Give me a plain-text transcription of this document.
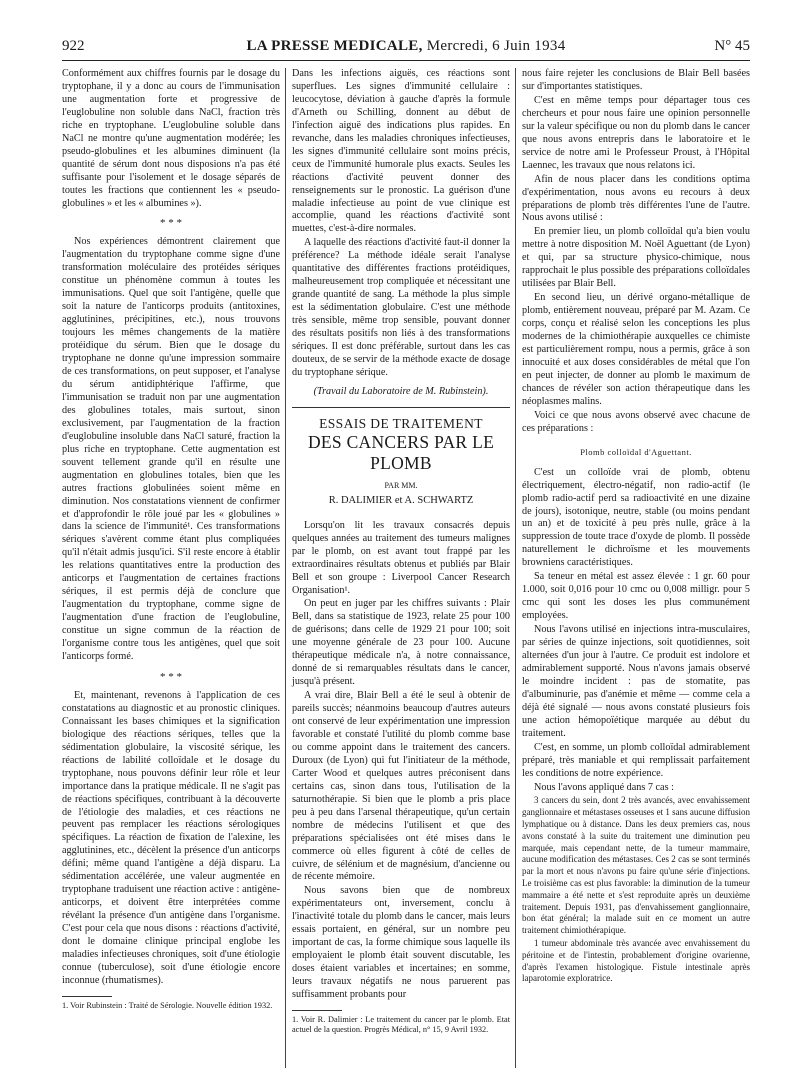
922	LA PRESSE MEDICALE, Mercredi, 6 Juin 1934	N° 45

Conformément aux chiffres fournis par le dosage du tryptophane, il y a donc au cours de l'immunisation une augmentation forte et progressive de l'euglobuline non soluble dans NaCl, fraction très riche en tryptophane. L'euglobuline soluble dans NaCl ne montre qu'une augmentation modérée; les pseudo-globulines et les albumines diminuent (la quantité de sérum dont nous disposions n'a pas été suffisante pour l'isolement et le dosage séparés de toutes les fractions que contiennent les « pseudo-globulines » et les « albumines »).

* * *

Nos expériences démontrent clairement que l'augmentation du tryptophane comme signe d'une transformation moléculaire des protéides sériques constitue un phénomène commun à toutes les immunisations. Quel que soit l'antigène, quelle que soit la nature de l'anticorps produits (antitoxines, agglutinines, précipitines, etc.), nous trouvons toujours les mêmes changements de la matière protéidique du sérum. Bien que le dosage du tryptophane ne donne qu'une impression sommaire de ces transformations, on peut supposer, et l'analyse du sérum antidiphtérique l'affirme, que l'immunisation se traduit non par une augmentation des globulines totales, mais surtout, sinon exclusivement, par l'augmentation de la fraction d'euglobuline insoluble dans NaCl saturé, fraction la plus riche en tryptophane. Cette augmentation est souvent tellement grande qu'il en résulte une augmentation en globulines totales, bien que les autres fractions globulinées soient même en diminution. Nos constatations viennent de confirmer et d'approfondir le rôle joué par les « globulines » dans la science de l'immunité¹. Ces transformations sériques s'avèrent comme étant plus compliquées qu'il n'était admis jusqu'ici. S'il reste encore à établir les relations quantitatives entre la production des anticorps et l'augmentation de certaines fractions sériques, il est permis déjà de conclure que l'augmentation du tryptophane, comme signe de l'augmentation d'une fraction de l'euglobuline, constitue un signe commun de la réaction de l'organisme contre tous les antigènes, quel que soit l'anticorps formé.

* * *

Et, maintenant, revenons à l'application de ces constatations au diagnostic et au pronostic cliniques. Connaissant les bases chimiques et la signification biologique des réactions sériques, telles que la sédimentation globulaire, la viscosité sérique, les réactions de labilité colloïdale et le dosage du tryptophane, nous pouvons définir leur rôle et leur importance dans la pratique médicale. Il ne s'agit pas de réactions spécifiques, contribuant à la découverte de l'étiologie des maladies, et ces réactions ne peuvent pas remplacer les réactions sérologiques spécifiques. La réaction de fixation de l'alexine, les agglutinines, etc., décèlent la présence d'un anticorps défini; même quand l'antigène a déjà disparu. La sédimentation accélérée, une valeur augmentée en tryptophane traduisent une réaction active : antigène-anticorps, et doivent être interprétées comme révélant la présence d'un antigène dans l'organisme. C'est pour cela que nous disons : réactions d'activité, dont le domaine clinique principal englobe les maladies infectieuses chroniques, soit d'une étiologie connue (tuberculose), soit d'une étiologie encore inconnue (rhumatismes).

1. Voir Rubinstein : Traité de Sérologie. Nouvelle édition 1932.

Dans les infections aiguës, ces réactions sont superflues. Les signes d'immunité cellulaire : leucocytose, déviation à gauche d'après la formule d'Arneth ou Schilling, donnent au début de l'infection aiguë des indications plus rapides. En revanche, dans les maladies chroniques infectieuses, les signes d'immunité cellulaire sont moins précis, ceux de l'immunité humorale plus exacts. Seules les réactions d'activité peuvent donner des renseignements sur le pronostic. La guérison d'une maladie infectieuse au point de vue clinique est accomplie, quand les réactions d'activité sont muettes, c'est-à-dire normales.

A laquelle des réactions d'activité faut-il donner la préférence? La méthode idéale serait l'analyse quantitative des différentes fractions protéidiques, malheureusement trop compliquée et nécessitant une grande quantité de sang. La méthode la plus simple est la sédimentation globulaire. C'est une méthode très sensible, même trop sensible, pouvant donner des résultats positifs non liés à des transformations sériques. Il est donc préférable, surtout dans les cas douteux, de se servir de la méthode exacte de dosage du tryptophane sérique.

(Travail du Laboratoire de M. Rubinstein).
ESSAIS DE TRAITEMENT
DES CANCERS PAR LE PLOMB
PAR MM.
R. DALIMIER et A. SCHWARTZ

Lorsqu'on lit les travaux consacrés depuis quelques années au traitement des tumeurs malignes par le plomb, on est avant tout frappé par les extraordinaires résultats obtenus et publiés par Blair Bell et son groupe : Liverpool Cancer Research Organisation¹.

On peut en juger par les chiffres suivants : Plair Bell, dans sa statistique de 1923, relate 25 pour 100 de guérisons; dans celle de 1929 21 pour 100; soit une moyenne générale de 23 pour 100. Aucune thérapeutique médicale n'a, à notre connaissance, donné de si remarquables résultats dans le cancer, jusqu'à présent.

A vrai dire, Blair Bell a été le seul à obtenir de pareils succès; néanmoins beaucoup d'autres auteurs ont conservé de leur expérimentation une impression favorable et constaté l'utilité du plomb comme base ou comme appoint dans le traitement des cancers. Duroux (de Lyon) qui fut l'initiateur de la méthode, Carter Wood et quelques autres préconisent dans certains cas, sinon dans tous, l'utilisation de la saturnothérapie. Si bien que le plomb a pris place peu à peu dans l'arsenal thérapeutique, qu'un certain nombre de médecins l'utilisent et que des préparations spécialisées ont été mises dans le commerce où elles figurent à côté de celles de cuivre, de sélénium et de magnésium, d'ancienne ou de récente mémoire.

Nous savons bien que de nombreux expérimentateurs ont, inversement, conclu à l'inactivité totale du plomb dans le cancer, mais leurs essais portaient, en général, sur un nombre peu important de cas, la forme chimique sous laquelle ils employaient le plomb était souvent discutable, les doses étaient variables et incertaines; en somme, leurs travaux négatifs ne nous paruerent pas suffisamment probants pour

1. Voir R. Dalimier : Le traitement du cancer par le plomb. Etat actuel de la question. Progrès Médical, n° 15, 9 Avril 1932.

nous faire rejeter les conclusions de Blair Bell basées sur d'importantes statistiques.

C'est en même temps pour départager tous ces chercheurs et pour nous faire une opinion personnelle sur la valeur spécifique ou non du plomb dans le cancer que nous avons entrepris dans le laboratoire et le service de notre ami le Professeur Proust, à l'Hôpital Laennec, les travaux que nous relatons ici.

Afin de nous placer dans les conditions optima d'expérimentation, nous avons eu recours à deux préparations de plomb très différentes l'une de l'autre. Nous avons utilisé :

En premier lieu, un plomb colloïdal qu'a bien voulu mettre à notre disposition M. Noël Aguettant (de Lyon) et qui, par sa structure physico-chimique, nous rapprochait le plus possible des préparations colloïdales utilisées par Blair Bell.

En second lieu, un dérivé organo-métallique de plomb, entièrement nouveau, préparé par M. Azam. Ce corps, conçu et réalisé selon les conceptions les plus modernes de la chimiothérapie auxquelles ce chimiste est particulièrement rompu, nous a permis, grâce à son innocuité et aux doses considérables de métal que l'on en peut injecter, de donner au plomb le maximum de chances de révéler son action thérapeutique dans les néoplasmes malins.

Voici ce que nous avons observé avec chacune de ces préparations :

Plomb colloïdal d'Aguettant.

C'est un colloïde vrai de plomb, obtenu électriquement, électro-négatif, non radio-actif (le plomb radio-actif perd sa radioactivité en une dizaine de jours), isotonique, neutre, stable (ou moins pendant un an) et de toxicité à peu près nulle, grâce à la suppression de toute trace d'oxyde de plomb. Il possède naturellement le dichroïsme et les mouvements browniens caractéristiques.

Sa teneur en métal est assez élevée : 1 gr. 60 pour 1.000, soit 0,016 pour 10 cmc ou 0,008 milligr. pour 5 cmc qui sont les doses les plus communément employées.

Nous l'avons utilisé en injections intra-musculaires, par séries de quinze injections, soit quotidiennes, soit alternées d'un jour à l'autre. Ce produit est indolore et admirablement supporté. Nous n'avons jamais observé le moindre incident : pas de stomatite, pas d'albuminurie, pas d'anémie et même — comme cela a déjà été signalé — nous avons constaté plusieurs fois une action hémopoïétique marquée au début du traitement.

C'est, en somme, un plomb colloïdal admirablement préparé, très maniable et qui remplissait parfaitement les conditions de notre expérience.

Nous l'avons appliqué dans 7 cas :

3 cancers du sein, dont 2 très avancés, avec envahissement ganglionnaire et métastases osseuses et 1 sans aucune diffusion lymphatique ou à distance. Dans les deux premiers cas, nous avons constaté à la suite du traitement une diminution peu marquée, mais cependant nette, de la tumeur mammaire, aucune modification des métastases. Ces 2 cas se sont terminés par la mort et nous n'avons pu faire qu'une série d'injections. Le troisième cas est plus favorable: la diminution de la tumeur mammaire a été nette et s'est reproduite après un deuxième traitement. Depuis 1931, pas d'envahissement ganglionnaire, bon état général; la malade suit en ce moment un autre traitement chimiothérapique.

1 tumeur abdominale très avancée avec envahissement du péritoine et de l'intestin, probablement d'origine ovarienne, d'après l'examen histologique. Fistule intestinale après laparotomie exploratrice.
